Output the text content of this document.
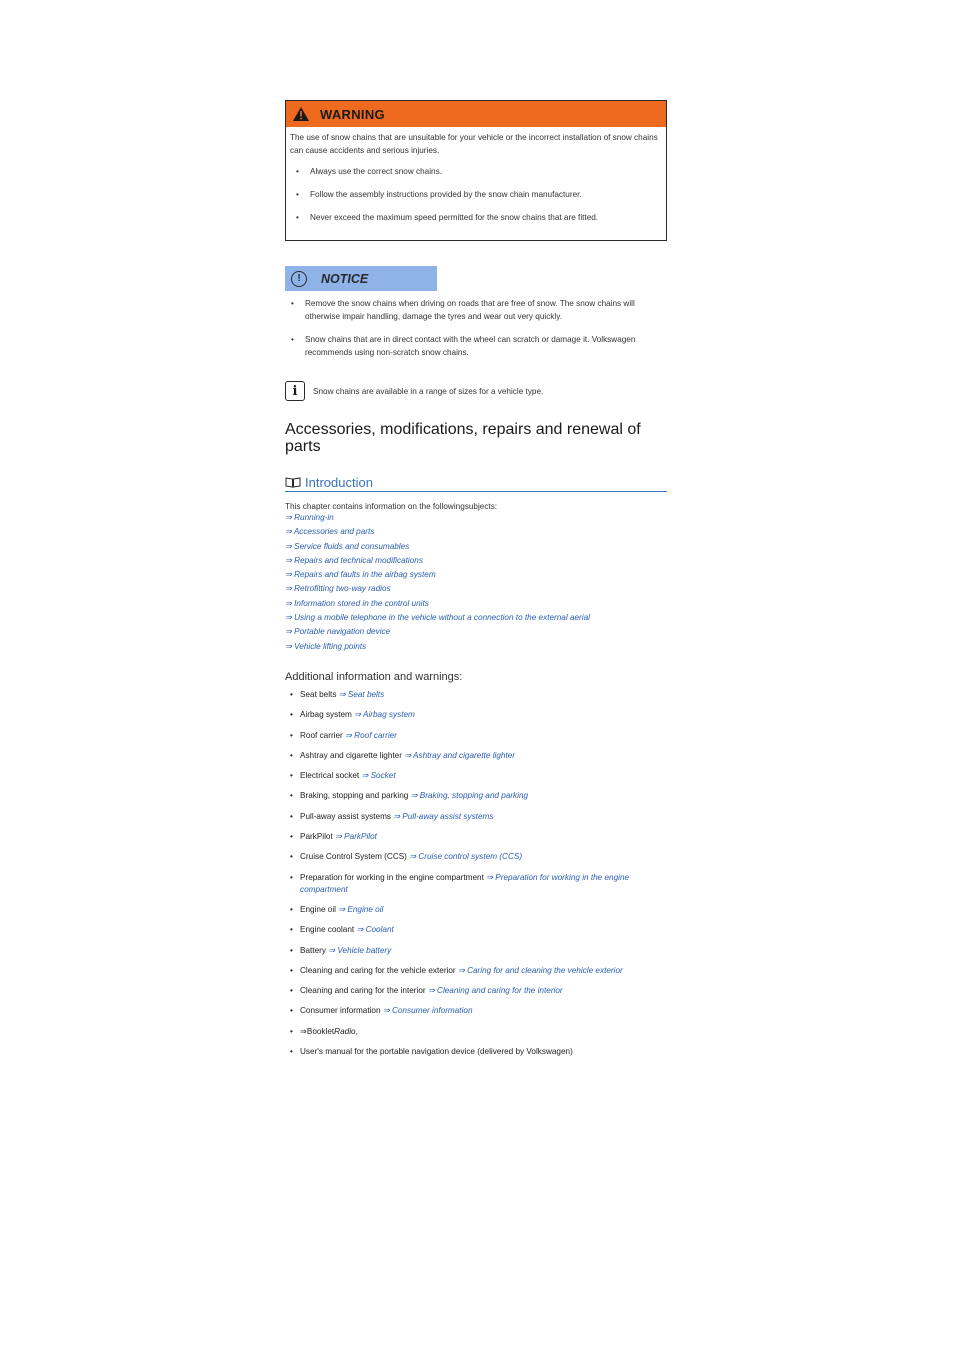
WARNING

The use of snow chains that are unsuitable for your vehicle or the incorrect installation of snow chains can cause accidents and serious injuries.

• Always use the correct snow chains.
• Follow the assembly instructions provided by the snow chain manufacturer.
• Never exceed the maximum speed permitted for the snow chains that are fitted.
!	NOTICE
• Remove the snow chains when driving on roads that are free of snow. The snow chains will otherwise impair handling, damage the tyres and wear out very quickly.
• Snow chains that are in direct contact with the wheel can scratch or damage it. Volkswagen recommends using non-scratch snow chains.
i	Snow chains are available in a range of sizes for a vehicle type.
Accessories, modifications, repairs and renewal of parts
Introduction
This chapter contains information on the followingsubjects:
⇒ Running-in
⇒ Accessories and parts
⇒ Service fluids and consumables
⇒ Repairs and technical modifications
⇒ Repairs and faults in the airbag system
⇒ Retrofitting two-way radios
⇒ Information stored in the control units
⇒ Using a mobile telephone in the vehicle without a connection to the external aerial
⇒ Portable navigation device
⇒ Vehicle lifting points
Additional information and warnings:
• Seat belts ⇒ Seat belts
• Airbag system ⇒ Airbag system
• Roof carrier ⇒ Roof carrier
• Ashtray and cigarette lighter ⇒ Ashtray and cigarette lighter
• Electrical socket ⇒ Socket
• Braking, stopping and parking ⇒ Braking, stopping and parking
• Pull-away assist systems ⇒ Pull-away assist systems
• ParkPilot ⇒ ParkPilot
• Cruise Control System (CCS) ⇒ Cruise control system (CCS)
• Preparation for working in the engine compartment ⇒ Preparation for working in the engine
compartment
• Engine oil ⇒ Engine oil
• Engine coolant ⇒ Coolant
• Battery ⇒ Vehicle battery
• Cleaning and caring for the vehicle exterior ⇒ Caring for and cleaning the vehicle exterior
• Cleaning and caring for the interior ⇒ Cleaning and caring for the interior
• Consumer information ⇒ Consumer information
• ⇒BookletRadio,
• User's manual for the portable navigation device (delivered by Volkswagen)
